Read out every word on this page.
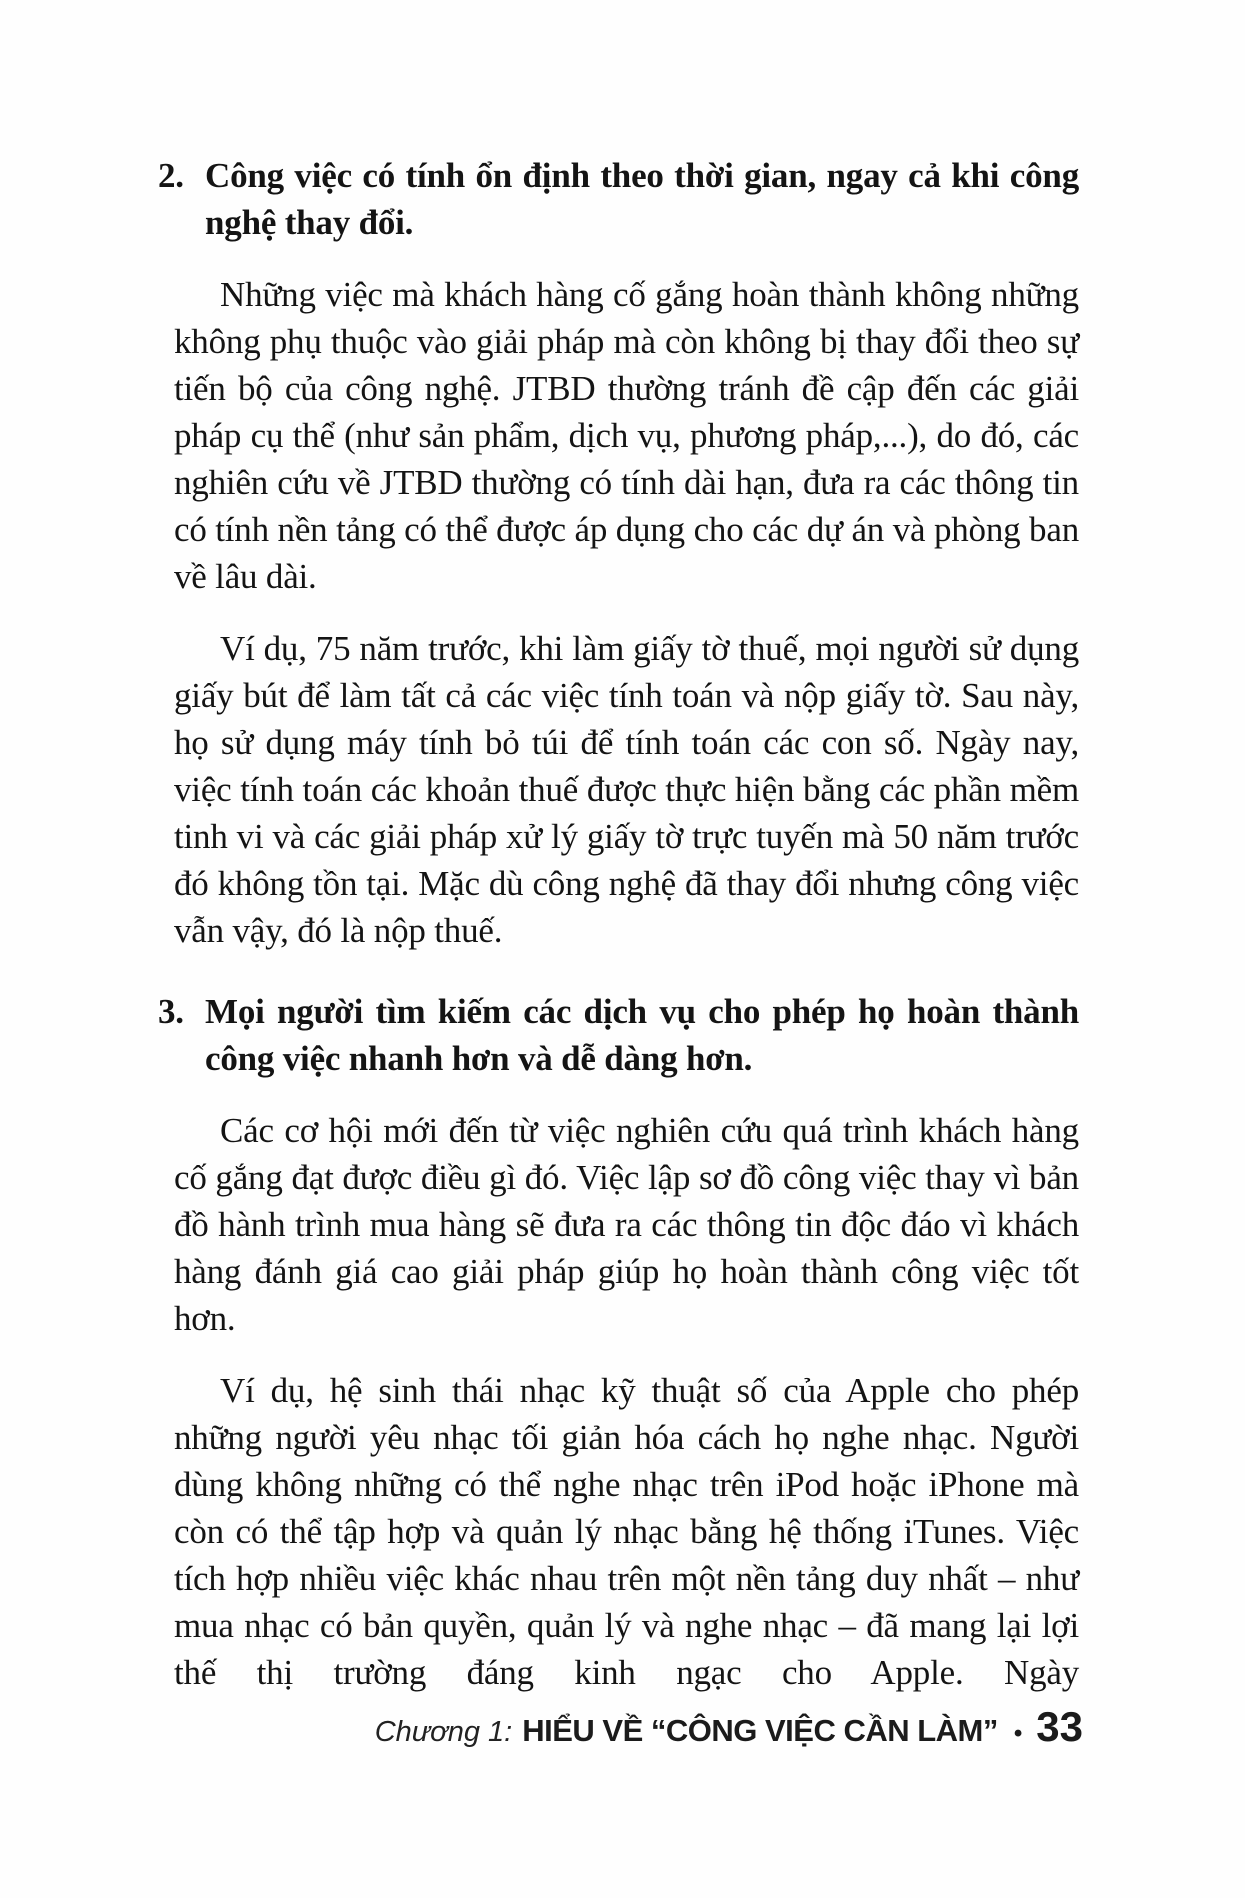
2. Công việc có tính ổn định theo thời gian, ngay cả khi công nghệ thay đổi.

Những việc mà khách hàng cố gắng hoàn thành không những không phụ thuộc vào giải pháp mà còn không bị thay đổi theo sự tiến bộ của công nghệ. JTBD thường tránh đề cập đến các giải pháp cụ thể (như sản phẩm, dịch vụ, phương pháp,...), do đó, các nghiên cứu về JTBD thường có tính dài hạn, đưa ra các thông tin có tính nền tảng có thể được áp dụng cho các dự án và phòng ban về lâu dài.

Ví dụ, 75 năm trước, khi làm giấy tờ thuế, mọi người sử dụng giấy bút để làm tất cả các việc tính toán và nộp giấy tờ. Sau này, họ sử dụng máy tính bỏ túi để tính toán các con số. Ngày nay, việc tính toán các khoản thuế được thực hiện bằng các phần mềm tinh vi và các giải pháp xử lý giấy tờ trực tuyến mà 50 năm trước đó không tồn tại. Mặc dù công nghệ đã thay đổi nhưng công việc vẫn vậy, đó là nộp thuế.

3. Mọi người tìm kiếm các dịch vụ cho phép họ hoàn thành công việc nhanh hơn và dễ dàng hơn.

Các cơ hội mới đến từ việc nghiên cứu quá trình khách hàng cố gắng đạt được điều gì đó. Việc lập sơ đồ công việc thay vì bản đồ hành trình mua hàng sẽ đưa ra các thông tin độc đáo vì khách hàng đánh giá cao giải pháp giúp họ hoàn thành công việc tốt hơn.

Ví dụ, hệ sinh thái nhạc kỹ thuật số của Apple cho phép những người yêu nhạc tối giản hóa cách họ nghe nhạc. Người dùng không những có thể nghe nhạc trên iPod hoặc iPhone mà còn có thể tập hợp và quản lý nhạc bằng hệ thống iTunes. Việc tích hợp nhiều việc khác nhau trên một nền tảng duy nhất – như mua nhạc có bản quyền, quản lý và nghe nhạc – đã mang lại lợi thế thị trường đáng kinh ngạc cho Apple. Ngày

Chương 1: HIỂU VỀ “CÔNG VIỆC CẦN LÀM” • 33
